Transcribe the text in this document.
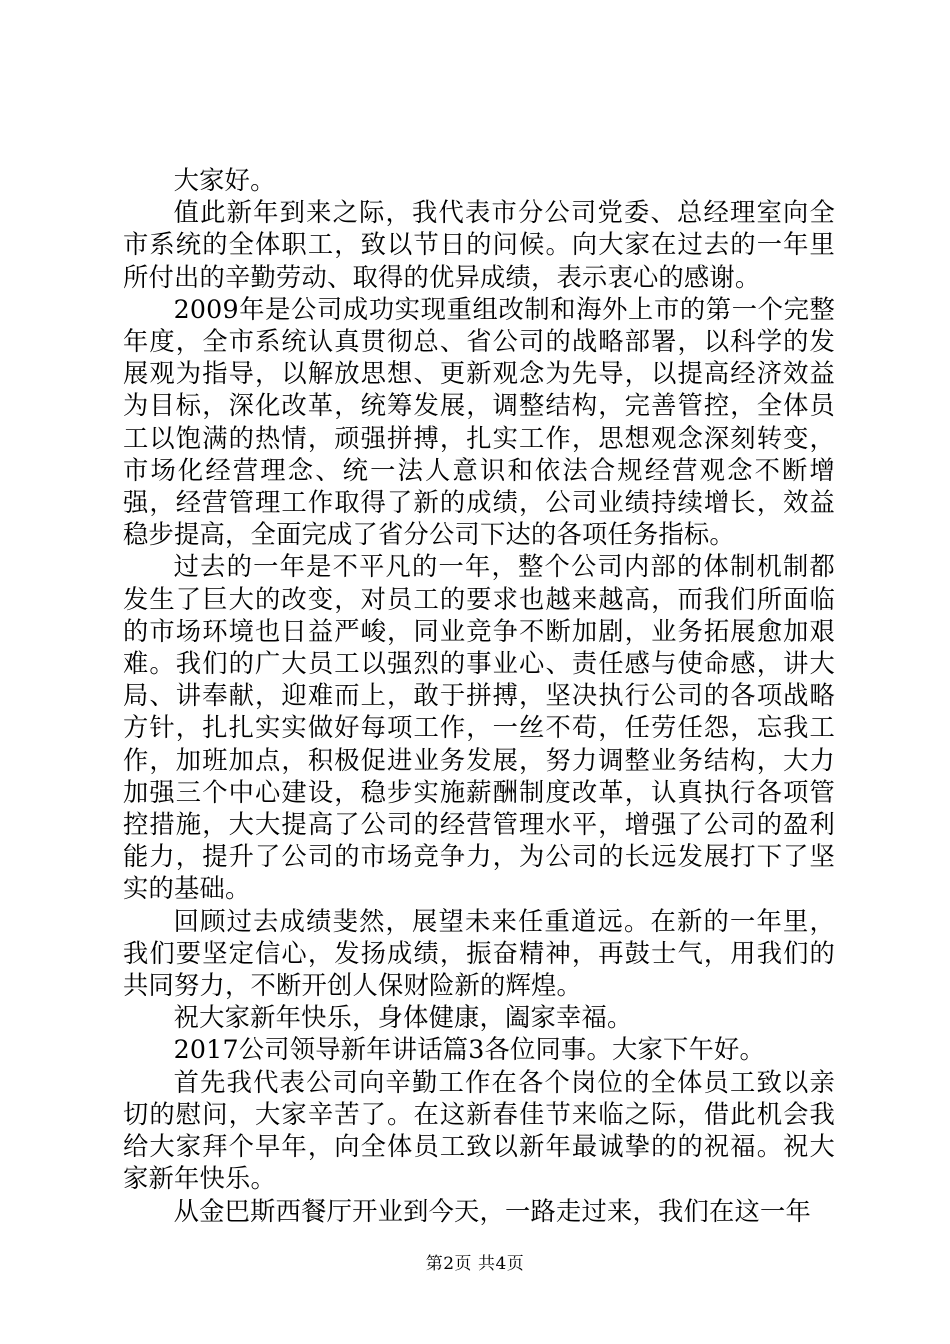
大家好。

值此新年到来之际，我代表市分公司党委、总经理室向全市系统的全体职工，致以节日的问候。向大家在过去的一年里所付出的辛勤劳动、取得的优异成绩，表示衷心的感谢。

2009年是公司成功实现重组改制和海外上市的第一个完整年度，全市系统认真贯彻总、省公司的战略部署，以科学的发展观为指导，以解放思想、更新观念为先导，以提高经济效益为目标，深化改革，统筹发展，调整结构，完善管控，全体员工以饱满的热情，顽强拼搏，扎实工作，思想观念深刻转变，市场化经营理念、统一法人意识和依法合规经营观念不断增强，经营管理工作取得了新的成绩，公司业绩持续增长，效益稳步提高，全面完成了省分公司下达的各项任务指标。

过去的一年是不平凡的一年，整个公司内部的体制机制都发生了巨大的改变，对员工的要求也越来越高，而我们所面临的市场环境也日益严峻，同业竞争不断加剧，业务拓展愈加艰难。我们的广大员工以强烈的事业心、责任感与使命感，讲大局、讲奉献，迎难而上，敢于拼搏，坚决执行公司的各项战略方针，扎扎实实做好每项工作，一丝不苟，任劳任怨，忘我工作，加班加点，积极促进业务发展，努力调整业务结构，大力加强三个中心建设，稳步实施薪酬制度改革，认真执行各项管控措施，大大提高了公司的经营管理水平，增强了公司的盈利能力，提升了公司的市场竞争力，为公司的长远发展打下了坚实的基础。

回顾过去成绩斐然，展望未来任重道远。在新的一年里，我们要坚定信心，发扬成绩，振奋精神，再鼓士气，用我们的共同努力，不断开创人保财险新的辉煌。

祝大家新年快乐，身体健康，阖家幸福。

2017公司领导新年讲话篇3各位同事。大家下午好。

首先我代表公司向辛勤工作在各个岗位的全体员工致以亲切的慰问，大家辛苦了。在这新春佳节来临之际，借此机会我给大家拜个早年，向全体员工致以新年最诚挚的的祝福。祝大家新年快乐。

从金巴斯西餐厅开业到今天，一路走过来，我们在这一年

第2页 共4页
